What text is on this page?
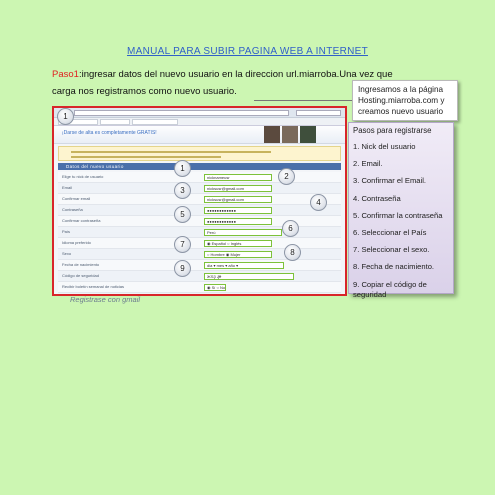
MANUAL PARA SUBIR PAGINA WEB A INTERNET
Paso1:ingresar datos del nuevo usuario en la direccion url.miarroba.Una vez que carga nos registramos como nuevo usuario.	Ingresamos a la página Hosting.miarroba.com y creamos nuevo usuario
¡Darse de alta es completamente GRATIS!
Datos del nuevo usuario
Elige tu nick de usuario	nicknameusr
Email	nicksusr@gmail.com
Confirmar email	nicksusr@gmail.com
Contraseña	●●●●●●●●●●●●
Confirmar contraseña	●●●●●●●●●●●●
País	Perú
Idioma preferido	◉ Español ○ Inglés
Sexo	○ Hombre ◉ Mujer
Fecha de nacimiento	dia ▾ mes ▾ año ▾
Código de seguridad	ЖЅҘ ₰₴
Recibir boletín semanal de noticias	◉ Sí ○ No
1
1
2
3
4
5
6
7
8
9
Registrase con gmail
Pasos para registrarse
1. Nick del usuario
2. Email.
3. Confirmar el Email.
4. Contraseña
5. Confirmar la contraseña
6. Seleccionar el País
7. Seleccionar el sexo.
8. Fecha de nacimiento.
9. Copiar el código de seguridad
